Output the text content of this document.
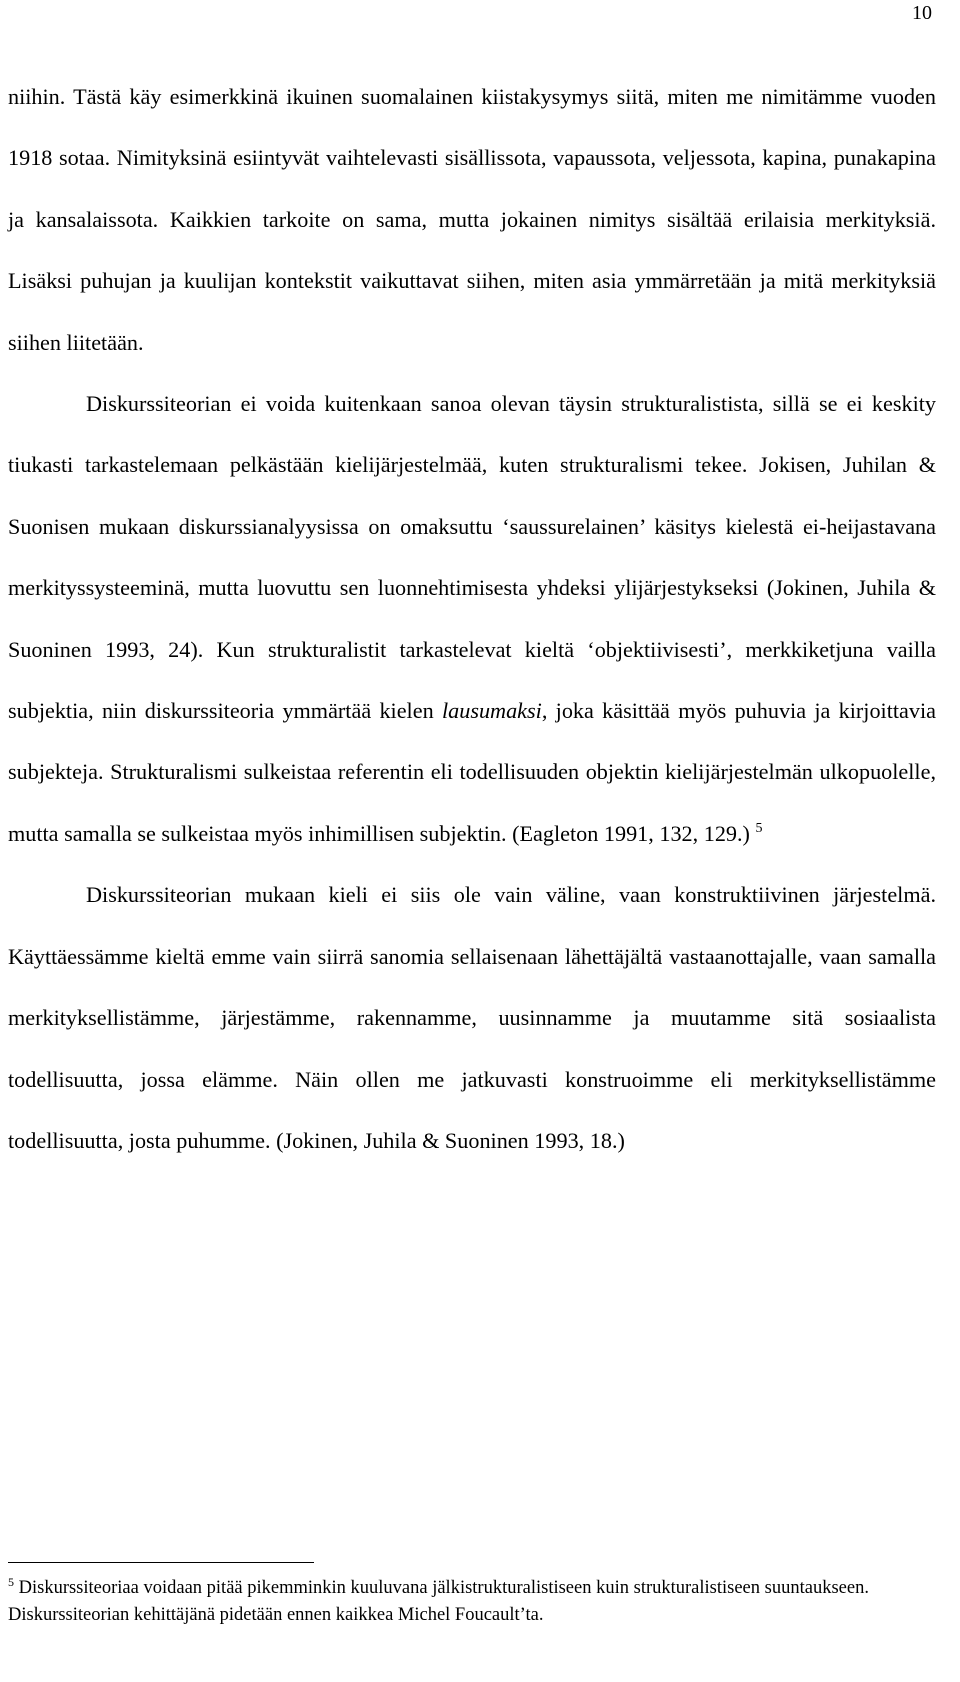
10

niihin. Tästä käy esimerkkinä ikuinen suomalainen kiistakysymys siitä, miten me nimitämme vuoden 1918 sotaa. Nimityksinä esiintyvät vaihtelevasti sisällissota, vapaussota, veljessota, kapina, punakapina ja kansalaissota. Kaikkien tarkoite on sama, mutta jokainen nimitys sisältää erilaisia merkityksiä. Lisäksi puhujan ja kuulijan kontekstit vaikuttavat siihen, miten asia ymmärretään ja mitä merkityksiä siihen liitetään.

Diskurssiteorian ei voida kuitenkaan sanoa olevan täysin strukturalistista, sillä se ei keskity tiukasti tarkastelemaan pelkästään kielijärjestelmää, kuten strukturalismi tekee. Jokisen, Juhilan & Suonisen mukaan diskurssianalyysissa on omaksuttu ‘saussurelainen’ käsitys kielestä ei-heijastavana merkityssysteeminä, mutta luovuttu sen luonnehtimisesta yhdeksi ylijärjestykseksi (Jokinen, Juhila & Suoninen 1993, 24). Kun strukturalistit tarkastelevat kieltä ‘objektiivisesti’, merkkiketjuna vailla subjektia, niin diskurssiteoria ymmärtää kielen lausumaksi, joka käsittää myös puhuvia ja kirjoittavia subjekteja. Strukturalismi sulkeistaa referentin eli todellisuuden objektin kielijärjestelmän ulkopuolelle, mutta samalla se sulkeistaa myös inhimillisen subjektin. (Eagleton 1991, 132, 129.) $^5$

Diskurssiteorian mukaan kieli ei siis ole vain väline, vaan konstruktiivinen järjestelmä. Käyttäessämme kieltä emme vain siirrä sanomia sellaisenaan lähettäjältä vastaanottajalle, vaan samalla merkityksellistämme, järjestämme, rakennamme, uusinnamme ja muutamme sitä sosiaalista todellisuutta, jossa elämme. Näin ollen me jatkuvasti konstruoimme eli merkityksellistämme todellisuutta, josta puhumme. (Jokinen, Juhila & Suoninen 1993, 18.)

$^5$ Diskurssiteoriaa voidaan pitää pikemminkin kuuluvana jälkistrukturalistiseen kuin strukturalistiseen suuntaukseen. Diskurssiteorian kehittäjänä pidetään ennen kaikkea Michel Foucault’ta.
